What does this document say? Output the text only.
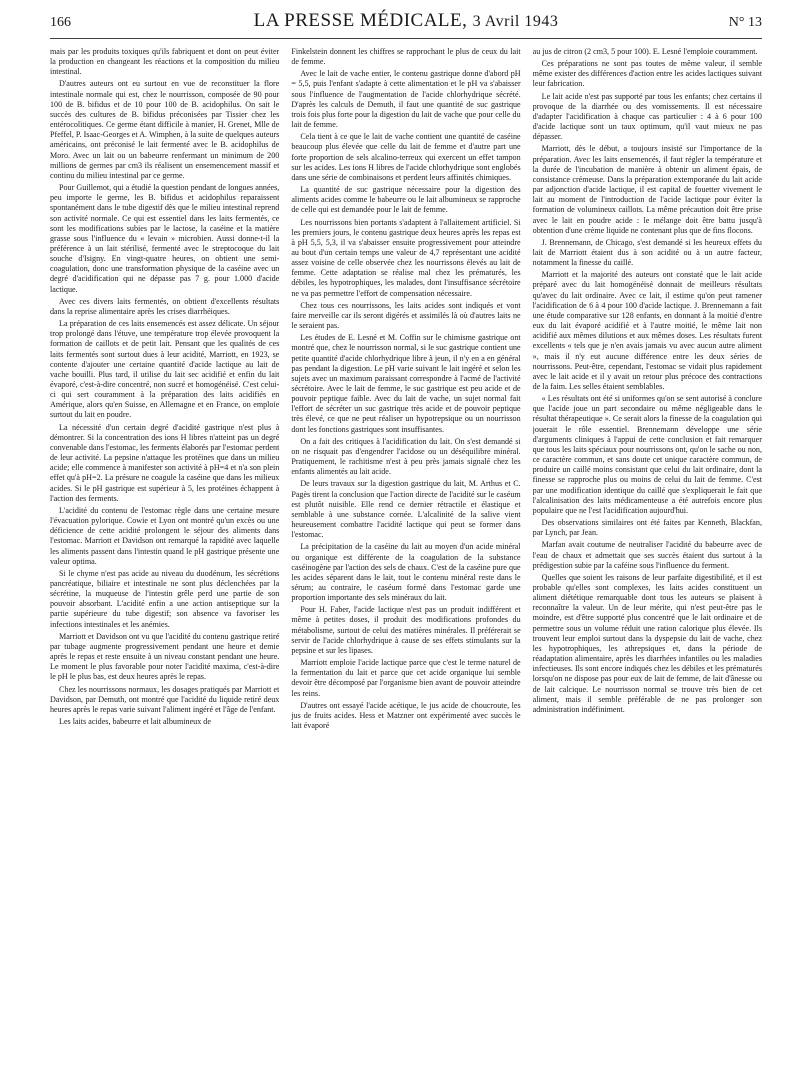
166	LA PRESSE MÉDICALE, 3 Avril 1943	N° 13

mais par les produits toxiques qu'ils fabriquent et dont on peut éviter la production en changeant les réactions et la composition du milieu intestinal.

D'autres auteurs ont eu surtout en vue de reconstituer la flore intestinale normale qui est, chez le nourrisson, composée de 90 pour 100 de B. bifidus et de 10 pour 100 de B. acidophilus. On sait le succès des cultures de B. bifidus préconisées par Tissier chez les entérocolitiques. Ce germe étant difficile à manier, H. Grenet, Mlle de Pfeffel, P. Isaac-Georges et A. Wimphen, à la suite de quelques auteurs américains, ont préconisé le lait fermenté avec le B. acidophilus de Moro. Avec un lait ou un babeurre renfermant un minimum de 200 millions de germes par cm3 ils réalisent un ensemencement massif et continu du milieu intestinal par ce germe.

Pour Guillemot, qui a étudié la question pendant de longues années, peu importe le germe, les B. bifidus et acidophilus reparaissent spontanément dans le tube digestif dès que le milieu intestinal reprend son activité normale. Ce qui est essentiel dans les laits fermentés, ce sont les modifications subies par le lactose, la caséine et la matière grasse sous l'influence du « levain » microbien. Aussi donne-t-il la préférence à un lait stérilisé, fermenté avec le streptocoque du lait souche d'Isigny. En vingt-quatre heures, on obtient une semi-coagulation, donc une transformation physique de la caséine avec un degré d'acidification qui ne dépasse pas 7 g. pour 1.000 d'acide lactique.

Avec ces divers laits fermentés, on obtient d'excellents résultats dans la reprise alimentaire après les crises diarrhéiques.

La préparation de ces laits ensemencés est assez délicate. Un séjour trop prolongé dans l'étuve, une température trop élevée provoquent la formation de caillots et de petit lait. Pensant que les qualités de ces laits fermentés sont surtout dues à leur acidité, Marriott, en 1923, se contente d'ajouter une certaine quantité d'acide lactique au lait de vache bouilli. Plus tard, il utilise du lait sec acidifié et enfin du lait évaporé, c'est-à-dire concentré, non sucré et homogénéisé. C'est celui-ci qui sert couramment à la préparation des laits acidifiés en Amérique, alors qu'en Suisse, en Allemagne et en France, on emploie surtout du lait en poudre.

La nécessité d'un certain degré d'acidité gastrique n'est plus à démontrer. Si la concentration des ions H libres n'atteint pas un degré convenable dans l'estomac, les ferments élaborés par l'estomac perdent de leur activité. La pepsine n'attaque les protéines que dans un milieu acide; elle commence à manifester son activité à pH=4 et n'a son plein effet qu'à pH=2. La présure ne coagule la caséine que dans les milieux acides. Si le pH gastrique est supérieur à 5, les protéines échappent à l'action des ferments.

L'acidité du contenu de l'estomac règle dans une certaine mesure l'évacuation pylorique. Cowie et Lyon ont montré qu'un excès ou une déficience de cette acidité prolongent le séjour des aliments dans l'estomac. Marriott et Davidson ont remarqué la rapidité avec laquelle les aliments passent dans l'intestin quand le pH gastrique présente une valeur optima.

Si le chyme n'est pas acide au niveau du duodénum, les sécrétions pancréatique, biliaire et intestinale ne sont plus déclenchées par la sécrétine, la muqueuse de l'intestin grêle perd une partie de son pouvoir absorbant. L'acidité enfin a une action antiseptique sur la partie supérieure du tube digestif; son absence va favoriser les infections intestinales et les anémies.

Marriott et Davidson ont vu que l'acidité du contenu gastrique retiré par tubage augmente progressivement pendant une heure et demie après le repas et reste ensuite à un niveau constant pendant une heure. Le moment le plus favorable pour noter l'acidité maxima, c'est-à-dire le pH le plus bas, est deux heures après le repas.

Chez les nourrissons normaux, les dosages pratiqués par Marriott et Davidson, par Demuth, ont montré que l'acidité du liquide retiré deux heures après le repas varie suivant l'aliment ingéré et l'âge de l'enfant.

Les laits acides, babeurre et lait albumineux de

Finkelstein donnent les chiffres se rapprochant le plus de ceux du lait de femme.

Avec le lait de vache entier, le contenu gastrique donne d'abord pH = 5,5, puis l'enfant s'adapte à cette alimentation et le pH va s'abaisser sous l'influence de l'augmentation de l'acide chlorhydrique sécrété. D'après les calculs de Demuth, il faut une quantité de suc gastrique trois fois plus forte pour la digestion du lait de vache que pour celle du lait de femme.

Cela tient à ce que le lait de vache contient une quantité de caséine beaucoup plus élevée que celle du lait de femme et d'autre part une forte proportion de sels alcalino-terreux qui exercent un effet tampon sur les acides. Les ions H libres de l'acide chlorhydrique sont englobés dans une série de combinaisons et perdent leurs affinités chimiques.

La quantité de suc gastrique nécessaire pour la digestion des aliments acides comme le babeurre ou le lait albumineux se rapproche de celle qui est demandée pour le lait de femme.

Les nourrissons bien portants s'adaptent à l'allaitement artificiel. Si les premiers jours, le contenu gastrique deux heures après les repas est à pH 5,5, 5,3, il va s'abaisser ensuite progressivement pour atteindre au bout d'un certain temps une valeur de 4,7 représentant une acidité assez voisine de celle observée chez les nourrissons élevés au lait de femme. Cette adaptation se réalise mal chez les prématurés, les débiles, les hypotrophiques, les malades, dont l'insuffisance sécrétoire ne va pas permettre l'effort de compensation nécessaire.

Chez tous ces nourrissons, les laits acides sont indiqués et vont faire merveille car ils seront digérés et assimilés là où d'autres laits ne le seraient pas.

Les études de E. Lesné et M. Coffin sur le chimisme gastrique ont montré que, chez le nourrisson normal, si le suc gastrique contient une petite quantité d'acide chlorhydrique libre à jeun, il n'y en a en général pas pendant la digestion. Le pH varie suivant le lait ingéré et selon les sujets avec un maximum paraissant correspondre à l'acmé de l'activité sécrétoire. Avec le lait de femme, le suc gastrique est peu acide et de pouvoir peptique faible. Avec du lait de vache, un sujet normal fait l'effort de sécréter un suc gastrique très acide et de pouvoir peptique très élevé, ce que ne peut réaliser un hypotrepsique ou un nourrisson dont les fonctions gastriques sont insuffisantes.

On a fait des critiques à l'acidification du lait. On s'est demandé si on ne risquait pas d'engendrer l'acidose ou un déséquilibre minéral. Pratiquement, le rachitisme n'est à peu près jamais signalé chez les enfants alimentés au lait acide.

De leurs travaux sur la digestion gastrique du lait, M. Arthus et C. Pagès tirent la conclusion que l'action directe de l'acidité sur le caséum est plutôt nuisible. Elle rend ce dernier rétractile et élastique et semblable à une substance cornée. L'alcalinité de la salive vient heureusement combattre l'acidité lactique qui peut se former dans l'estomac.

La précipitation de la caséine du lait au moyen d'un acide minéral ou organique est différente de la coagulation de la substance caséinogène par l'action des sels de chaux. C'est de la caséine pure que les acides séparent dans le lait, tout le contenu minéral reste dans le sérum; au contraire, le caséum formé dans l'estomac garde une proportion importante des sels minéraux du lait.

Pour H. Faber, l'acide lactique n'est pas un produit indifférent et même à petites doses, il produit des modifications profondes du métabolisme, surtout de celui des matières minérales. Il préférerait se servir de l'acide chlorhydrique à cause de ses effets stimulants sur la pepsine et sur les lipases.

Marriott emploie l'acide lactique parce que c'est le terme naturel de la fermentation du lait et parce que cet acide organique lui semble devoir être décomposé par l'organisme bien avant de pouvoir atteindre les reins.

D'autres ont essayé l'acide acétique, le jus acide de choucroute, les jus de fruits acides. Hess et Matzner ont expérimenté avec succès le lait évaporé

au jus de citron (2 cm3, 5 pour 100). E. Lesné l'emploie couramment.

Ces préparations ne sont pas toutes de même valeur, il semble même exister des différences d'action entre les acides lactiques suivant leur fabrication.

Le lait acide n'est pas supporté par tous les enfants; chez certains il provoque de la diarrhée ou des vomissements. Il est nécessaire d'adapter l'acidification à chaque cas particulier : 4 à 6 pour 100 d'acide lactique sont un taux optimum, qu'il vaut mieux ne pas dépasser.

Marriott, dès le début, a toujours insisté sur l'importance de la préparation. Avec les laits ensemencés, il faut régler la température et la durée de l'incubation de manière à obtenir un aliment épais, de consistance crémeuse. Dans la préparation extemporanée du lait acide par adjonction d'acide lactique, il est capital de fouetter vivement le lait au moment de l'introduction de l'acide lactique pour éviter la formation de volumineux caillots. La même précaution doit être prise avec le lait en poudre acide : le mélange doit être battu jusqu'à obtention d'une crème liquide ne contenant plus que de fins flocons.

J. Brennemann, de Chicago, s'est demandé si les heureux effets du lait de Marriott étaient dus à son acidité ou à un autre facteur, notamment la finesse du caillé.

Marriott et la majorité des auteurs ont constaté que le lait acide préparé avec du lait homogénéisé donnait de meilleurs résultats qu'avec du lait ordinaire. Avec ce lait, il estime qu'on peut ramener l'acidification de 6 à 4 pour 100 d'acide lactique. J. Brennemann a fait une étude comparative sur 128 enfants, en donnant à la moitié d'entre eux du lait évaporé acidifié et à l'autre moitié, le même lait non acidifié aux mêmes dilutions et aux mêmes doses. Les résultats furent excellents « tels que je n'en avais jamais vu avec aucun autre aliment », mais il n'y eut aucune différence entre les deux séries de nourrissons. Peut-être, cependant, l'estomac se vidait plus rapidement avec le lait acide et il y avait un retour plus précoce des contractions de la faim. Les selles étaient semblables.

« Les résultats ont été si uniformes qu'on se sent autorisé à conclure que l'acide joue un part secondaire ou même négligeable dans le résultat thérapeutique ». Ce serait alors la finesse de la coagulation qui jouerait le rôle essentiel. Brennemann développe une série d'arguments cliniques à l'appui de cette conclusion et fait remarquer que tous les laits spéciaux pour nourrissons ont, qu'on le sache ou non, ce caractère commun, et sans doute cet unique caractère commun, de produire un caillé moins consistant que celui du lait ordinaire, dont la finesse se rapproche plus ou moins de celui du lait de femme. C'est par une modification identique du caillé que s'expliquerait le fait que l'alcalinisation des laits médicamenteuse a été autrefois encore plus populaire que ne l'est l'acidification aujourd'hui.

Des observations similaires ont été faites par Kenneth, Blackfan, par Lynch, par Jean.

Marfan avait coutume de neutraliser l'acidité du babeurre avec de l'eau de chaux et admettait que ses succès étaient dus surtout à la prédigestion subie par la caféine sous l'influence du ferment.

Quelles que soient les raisons de leur parfaite digestibilité, et il est probable qu'elles sont complexes, les laits acides constituent un aliment diététique remarquable dont tous les auteurs se plaisent à reconnaître la valeur. Un de leur mérite, qui n'est peut-être pas le moindre, est d'être supporté plus concentré que le lait ordinaire et de permettre sous un volume réduit une ration calorique plus élevée. Ils trouvent leur emploi surtout dans la dyspepsie du lait de vache, chez les hypotrophiques, les athrepsiques et, dans la période de réadaptation alimentaire, après les diarrhées infantiles ou les maladies infectieuses. Ils sont encore indiqués chez les débiles et les prématurés lorsqu'on ne dispose pas pour eux de lait de femme, de lait d'ânesse ou de lait calcique. Le nourrisson normal se trouve très bien de cet aliment, mais il semble préférable de ne pas prolonger son administration indéfiniment.
